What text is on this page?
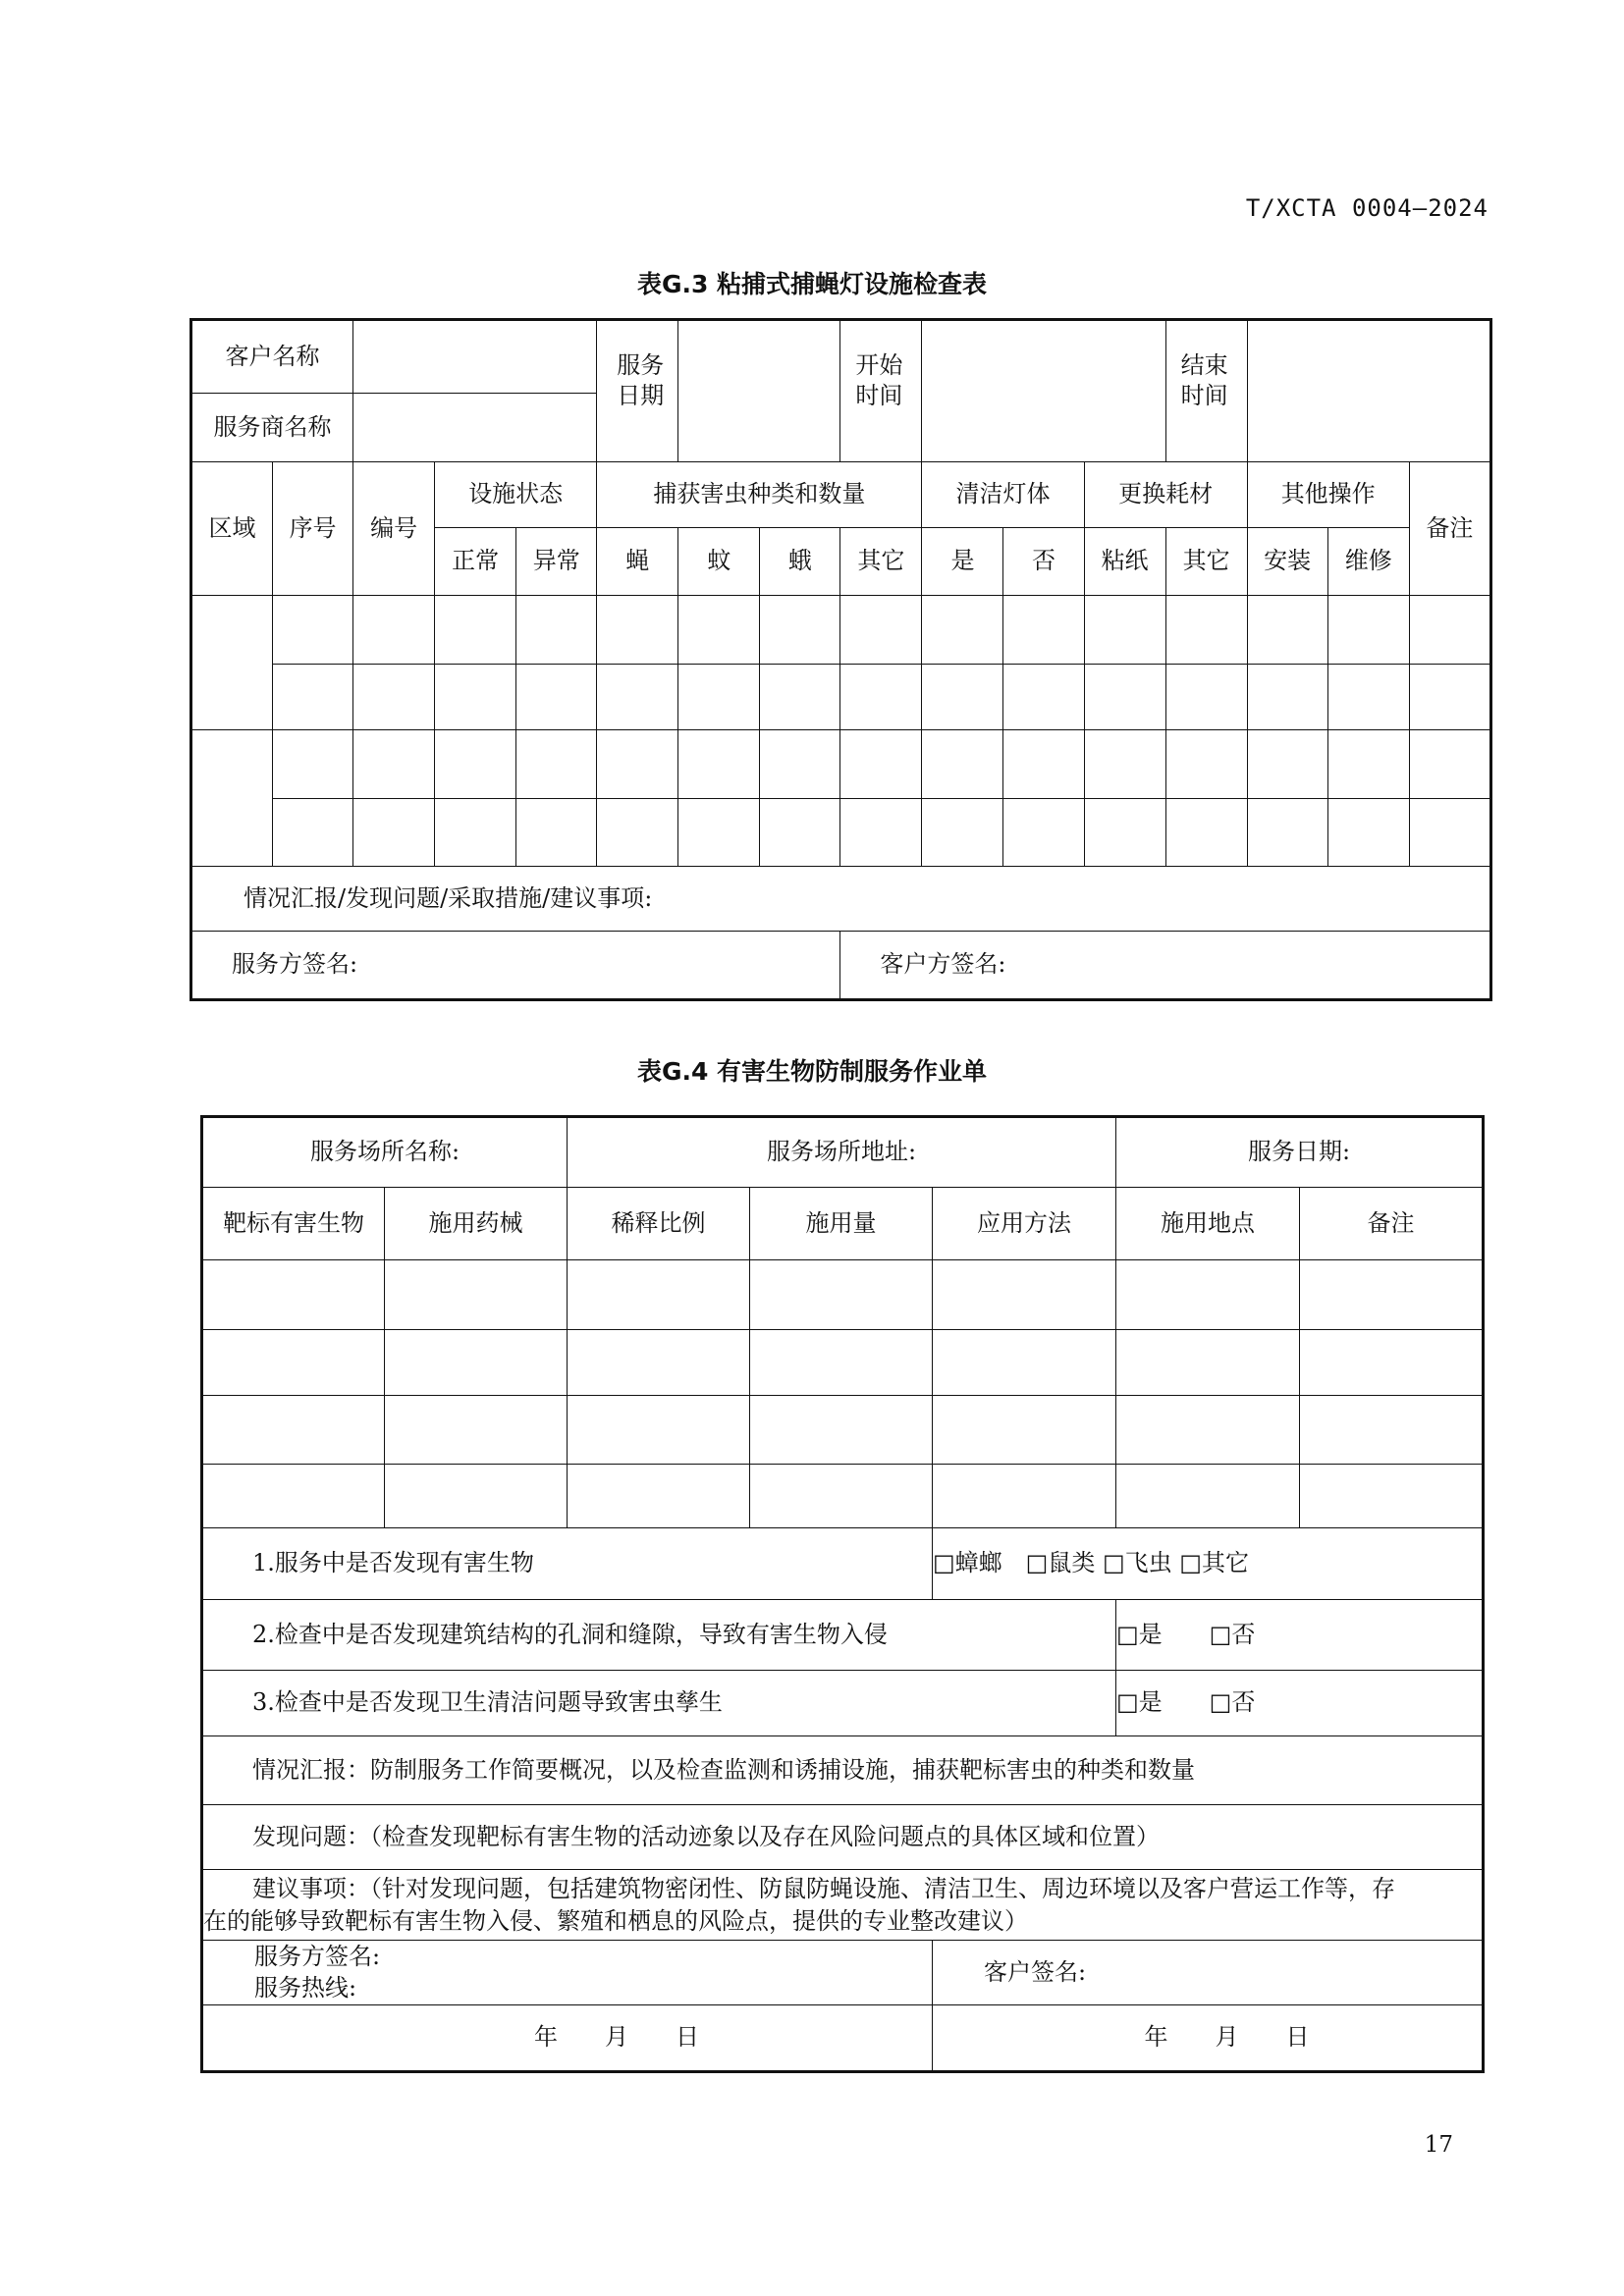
T/XCTA 0004—2024
表G.3 粘捕式捕蝇灯设施检查表
客户名称					服务日期			开始时间				结束时间			
服务商名称															
区域	序号	编号	设施状态		捕获害虫种类和数量				清洁灯体		更换耗材		其他操作		备注
			正常	异常	蝇	蚊	蛾	其它	是	否	粘纸	其它	安装	维修	

情况汇报/发现问题/采取措施/建议事项:															
服务方签名:								客户方签名:							
表G.4 有害生物防制服务作业单
服务场所名称:		服务场所地址:			服务日期:	
靶标有害生物	施用药械	稀释比例	施用量	应用方法	施用地点	备注

1.服务中是否发现有害生物				□蟑螂　□鼠类 □飞虫 □其它		
2.检查中是否发现建筑结构的孔洞和缝隙，导致有害生物入侵					□是　　□否	
3.检查中是否发现卫生清洁问题导致害虫孳生					□是　　□否	
情况汇报：防制服务工作简要概况，以及检查监测和诱捕设施，捕获靶标害虫的种类和数量						
发现问题：（检查发现靶标有害生物的活动迹象以及存在风险问题点的具体区域和位置）						

建议事项：（针对发现问题，包括建筑物密闭性、防鼠防蝇设施、清洁卫生、周边环境以及客户营运工作等，存
在的能够导致靶标有害生物入侵、繁殖和栖息的风险点，提供的专业整改建议）						

服务方签名:
服务热线:				客户签名:		
年　　月　　日				年　　月　　日		
17
